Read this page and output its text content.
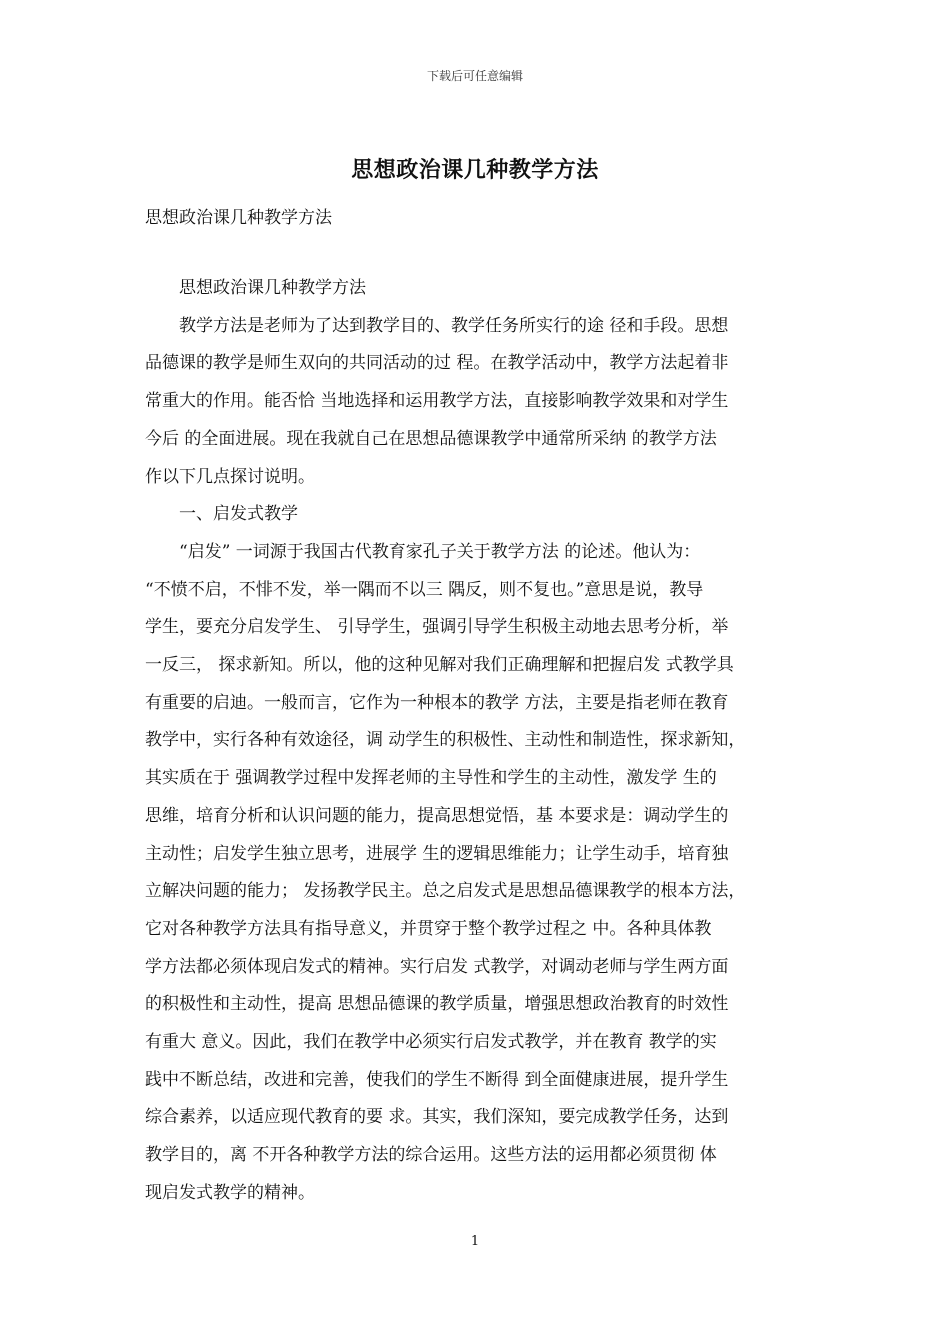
下载后可任意编辑
思想政治课几种教学方法
思想政治课几种教学方法
　　思想政治课几种教学方法
　　教学方法是老师为了达到教学目的、教学任务所实行的途 径和手段。思想
品德课的教学是师生双向的共同活动的过 程。在教学活动中，教学方法起着非
常重大的作用。能否恰 当地选择和运用教学方法，直接影响教学效果和对学生
今后 的全面进展。现在我就自己在思想品德课教学中通常所采纳 的教学方法
作以下几点探讨说明。
　　一、启发式教学
　　“启发” 一词源于我国古代教育家孔子关于教学方法 的论述。他认为：
“不愤不启，不悱不发，举一隅而不以三 隅反，则不复也。”意思是说，教导
学生，要充分启发学生、 引导学生，强调引导学生积极主动地去思考分析，举
一反三， 探求新知。所以，他的这种见解对我们正确理解和把握启发 式教学具
有重要的启迪。一般而言，它作为一种根本的教学 方法，主要是指老师在教育
教学中，实行各种有效途径，调 动学生的积极性、主动性和制造性，探求新知，
其实质在于 强调教学过程中发挥老师的主导性和学生的主动性，激发学 生的
思维，培育分析和认识问题的能力，提高思想觉悟，基 本要求是：调动学生的
主动性；启发学生独立思考，进展学 生的逻辑思维能力；让学生动手，培育独
立解决问题的能力； 发扬教学民主。总之启发式是思想品德课教学的根本方法，
它对各种教学方法具有指导意义，并贯穿于整个教学过程之 中。各种具体教
学方法都必须体现启发式的精神。实行启发 式教学，对调动老师与学生两方面
的积极性和主动性，提高 思想品德课的教学质量，增强思想政治教育的时效性
有重大 意义。因此，我们在教学中必须实行启发式教学，并在教育 教学的实
践中不断总结，改进和完善，使我们的学生不断得 到全面健康进展，提升学生
综合素养，以适应现代教育的要 求。其实，我们深知，要完成教学任务，达到
教学目的，离 不开各种教学方法的综合运用。这些方法的运用都必须贯彻 体
现启发式教学的精神。
1
